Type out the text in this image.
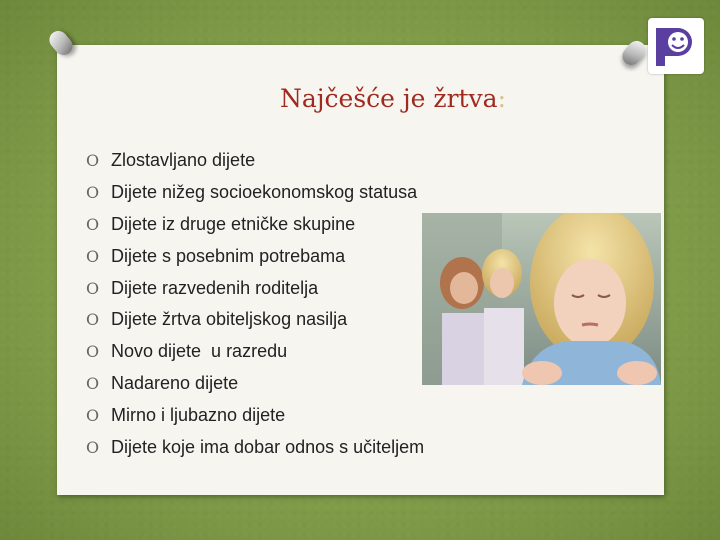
Najčešće je žrtva:
O Zlostavljano dijete
O Dijete nižeg socioekonomskog statusa
O Dijete iz druge etničke skupine
O Dijete s posebnim potrebama
O Dijete razvedenih roditelja
O Dijete žrtva obiteljskog nasilja
O Novo dijete  u razredu
O Nadareno dijete
O Mirno i ljubazno dijete
O Dijete koje ima dobar odnos s učiteljem
